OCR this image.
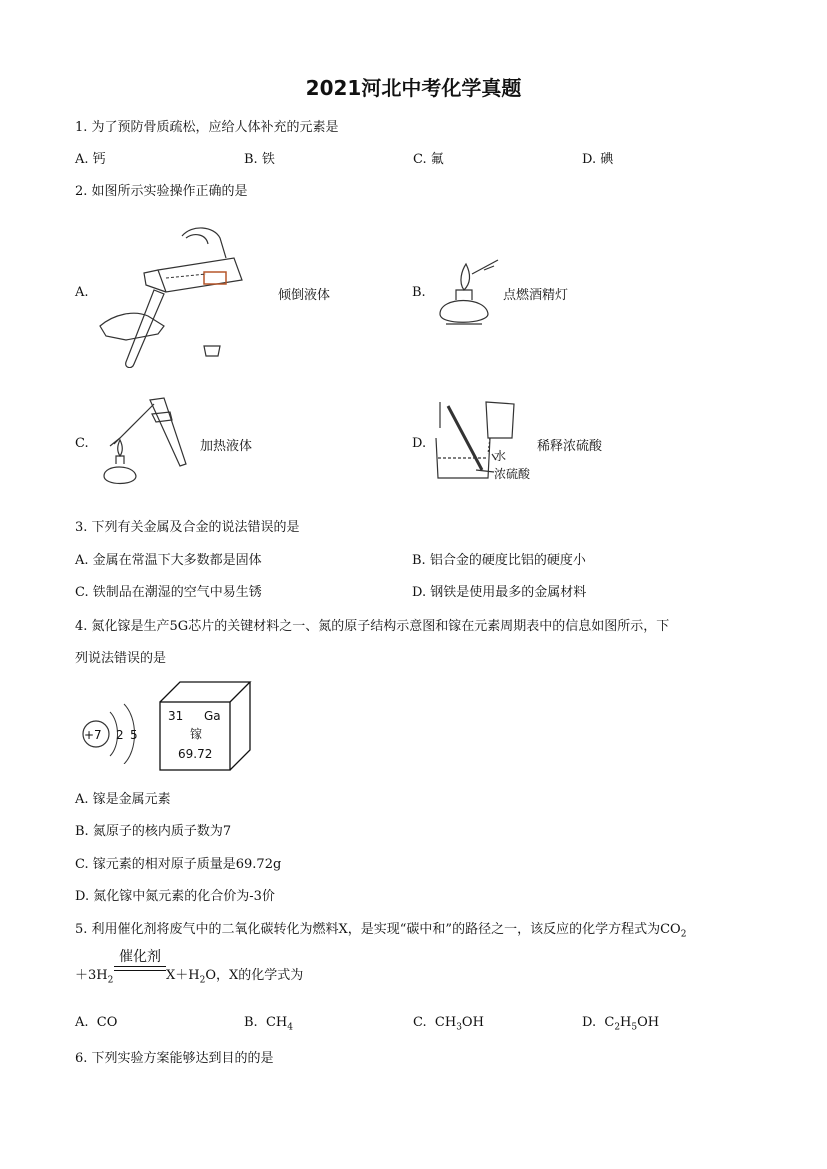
2021河北中考化学真题
1. 为了预防骨质疏松，应给人体补充的元素是
A. 钙	B. 铁	C. 氟	D. 碘
2. 如图所示实验操作正确的是
A.	倾倒液体	B.	点燃酒精灯
C.	加热液体	D.
水
浓硫酸
稀释浓硫酸
3. 下列有关金属及合金的说法错误的是
A. 金属在常温下大多数都是固体	B. 铝合金的硬度比铝的硬度小
C. 铁制品在潮湿的空气中易生锈	D. 钢铁是使用最多的金属材料
4. 氮化镓是生产5G芯片的关键材料之一、氮的原子结构示意图和镓在元素周期表中的信息如图所示，下
列说法错误的是
+7 2 5
31 Ga
镓
69.72
A. 镓是金属元素
B. 氮原子的核内质子数为7
C. 镓元素的相对原子质量是69.72g
D. 氮化镓中氮元素的化合价为-3价
5. 利用催化剂将废气中的二氧化碳转化为燃料X，是实现“碳中和”的路径之一，该反应的化学方程式为$CO_2$
$+3H_2$
催化剂
$X+H_2O$，X的化学式为
A. CO	B. $CH_4$	C. $CH_3OH$	D. $C_2H_5OH$
6. 下列实验方案能够达到目的的是
